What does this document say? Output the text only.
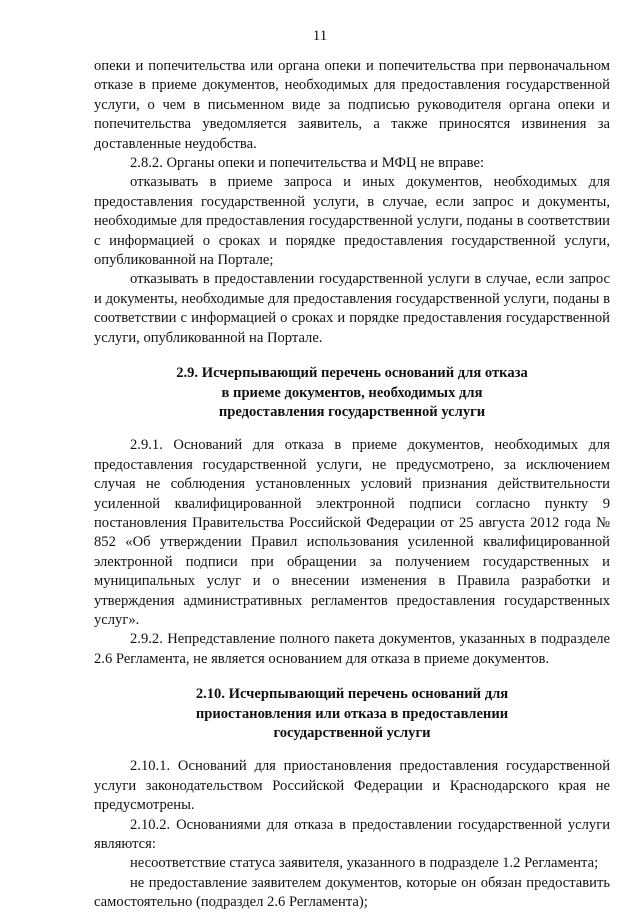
11

опеки и попечительства или органа опеки и попечительства при первоначальном отказе в приеме документов, необходимых для предоставления государственной услуги, о чем в письменном виде за подписью руководителя органа опеки и попечительства уведомляется заявитель, а также приносятся извинения за доставленные неудобства.

2.8.2. Органы опеки и попечительства и МФЦ не вправе:

отказывать в приеме запроса и иных документов, необходимых для предоставления государственной услуги, в случае, если запрос и документы, необходимые для предоставления государственной услуги, поданы в соответствии с информацией о сроках и порядке предоставления государственной услуги, опубликованной на Портале;

отказывать в предоставлении государственной услуги в случае, если запрос и документы, необходимые для предоставления государственной услуги, поданы в соответствии с информацией о сроках и порядке предоставления государственной услуги, опубликованной на Портале.

2.9. Исчерпывающий перечень оснований для отказа
в приеме документов, необходимых для
предоставления государственной услуги

2.9.1. Оснований для отказа в приеме документов, необходимых для предоставления государственной услуги, не предусмотрено, за исключением случая не соблюдения установленных условий признания действительности усиленной квалифицированной электронной подписи согласно пункту 9 постановления Правительства Российской Федерации от 25 августа 2012 года № 852 «Об утверждении Правил использования усиленной квалифицированной электронной подписи при обращении за получением государственных и муниципальных услуг и о внесении изменения в Правила разработки и утверждения административных регламентов предоставления государственных услуг».

2.9.2. Непредставление полного пакета документов, указанных в подразделе 2.6 Регламента, не является основанием для отказа в приеме документов.

2.10. Исчерпывающий перечень оснований для
приостановления или отказа в предоставлении
государственной услуги

2.10.1. Оснований для приостановления предоставления государственной услуги законодательством Российской Федерации и Краснодарского края не предусмотрены.

2.10.2. Основаниями для отказа в предоставлении государственной услуги являются:

несоответствие статуса заявителя, указанного в подразделе 1.2 Регламента;

не предоставление заявителем документов, которые он обязан предоставить самостоятельно (подраздел 2.6 Регламента);
